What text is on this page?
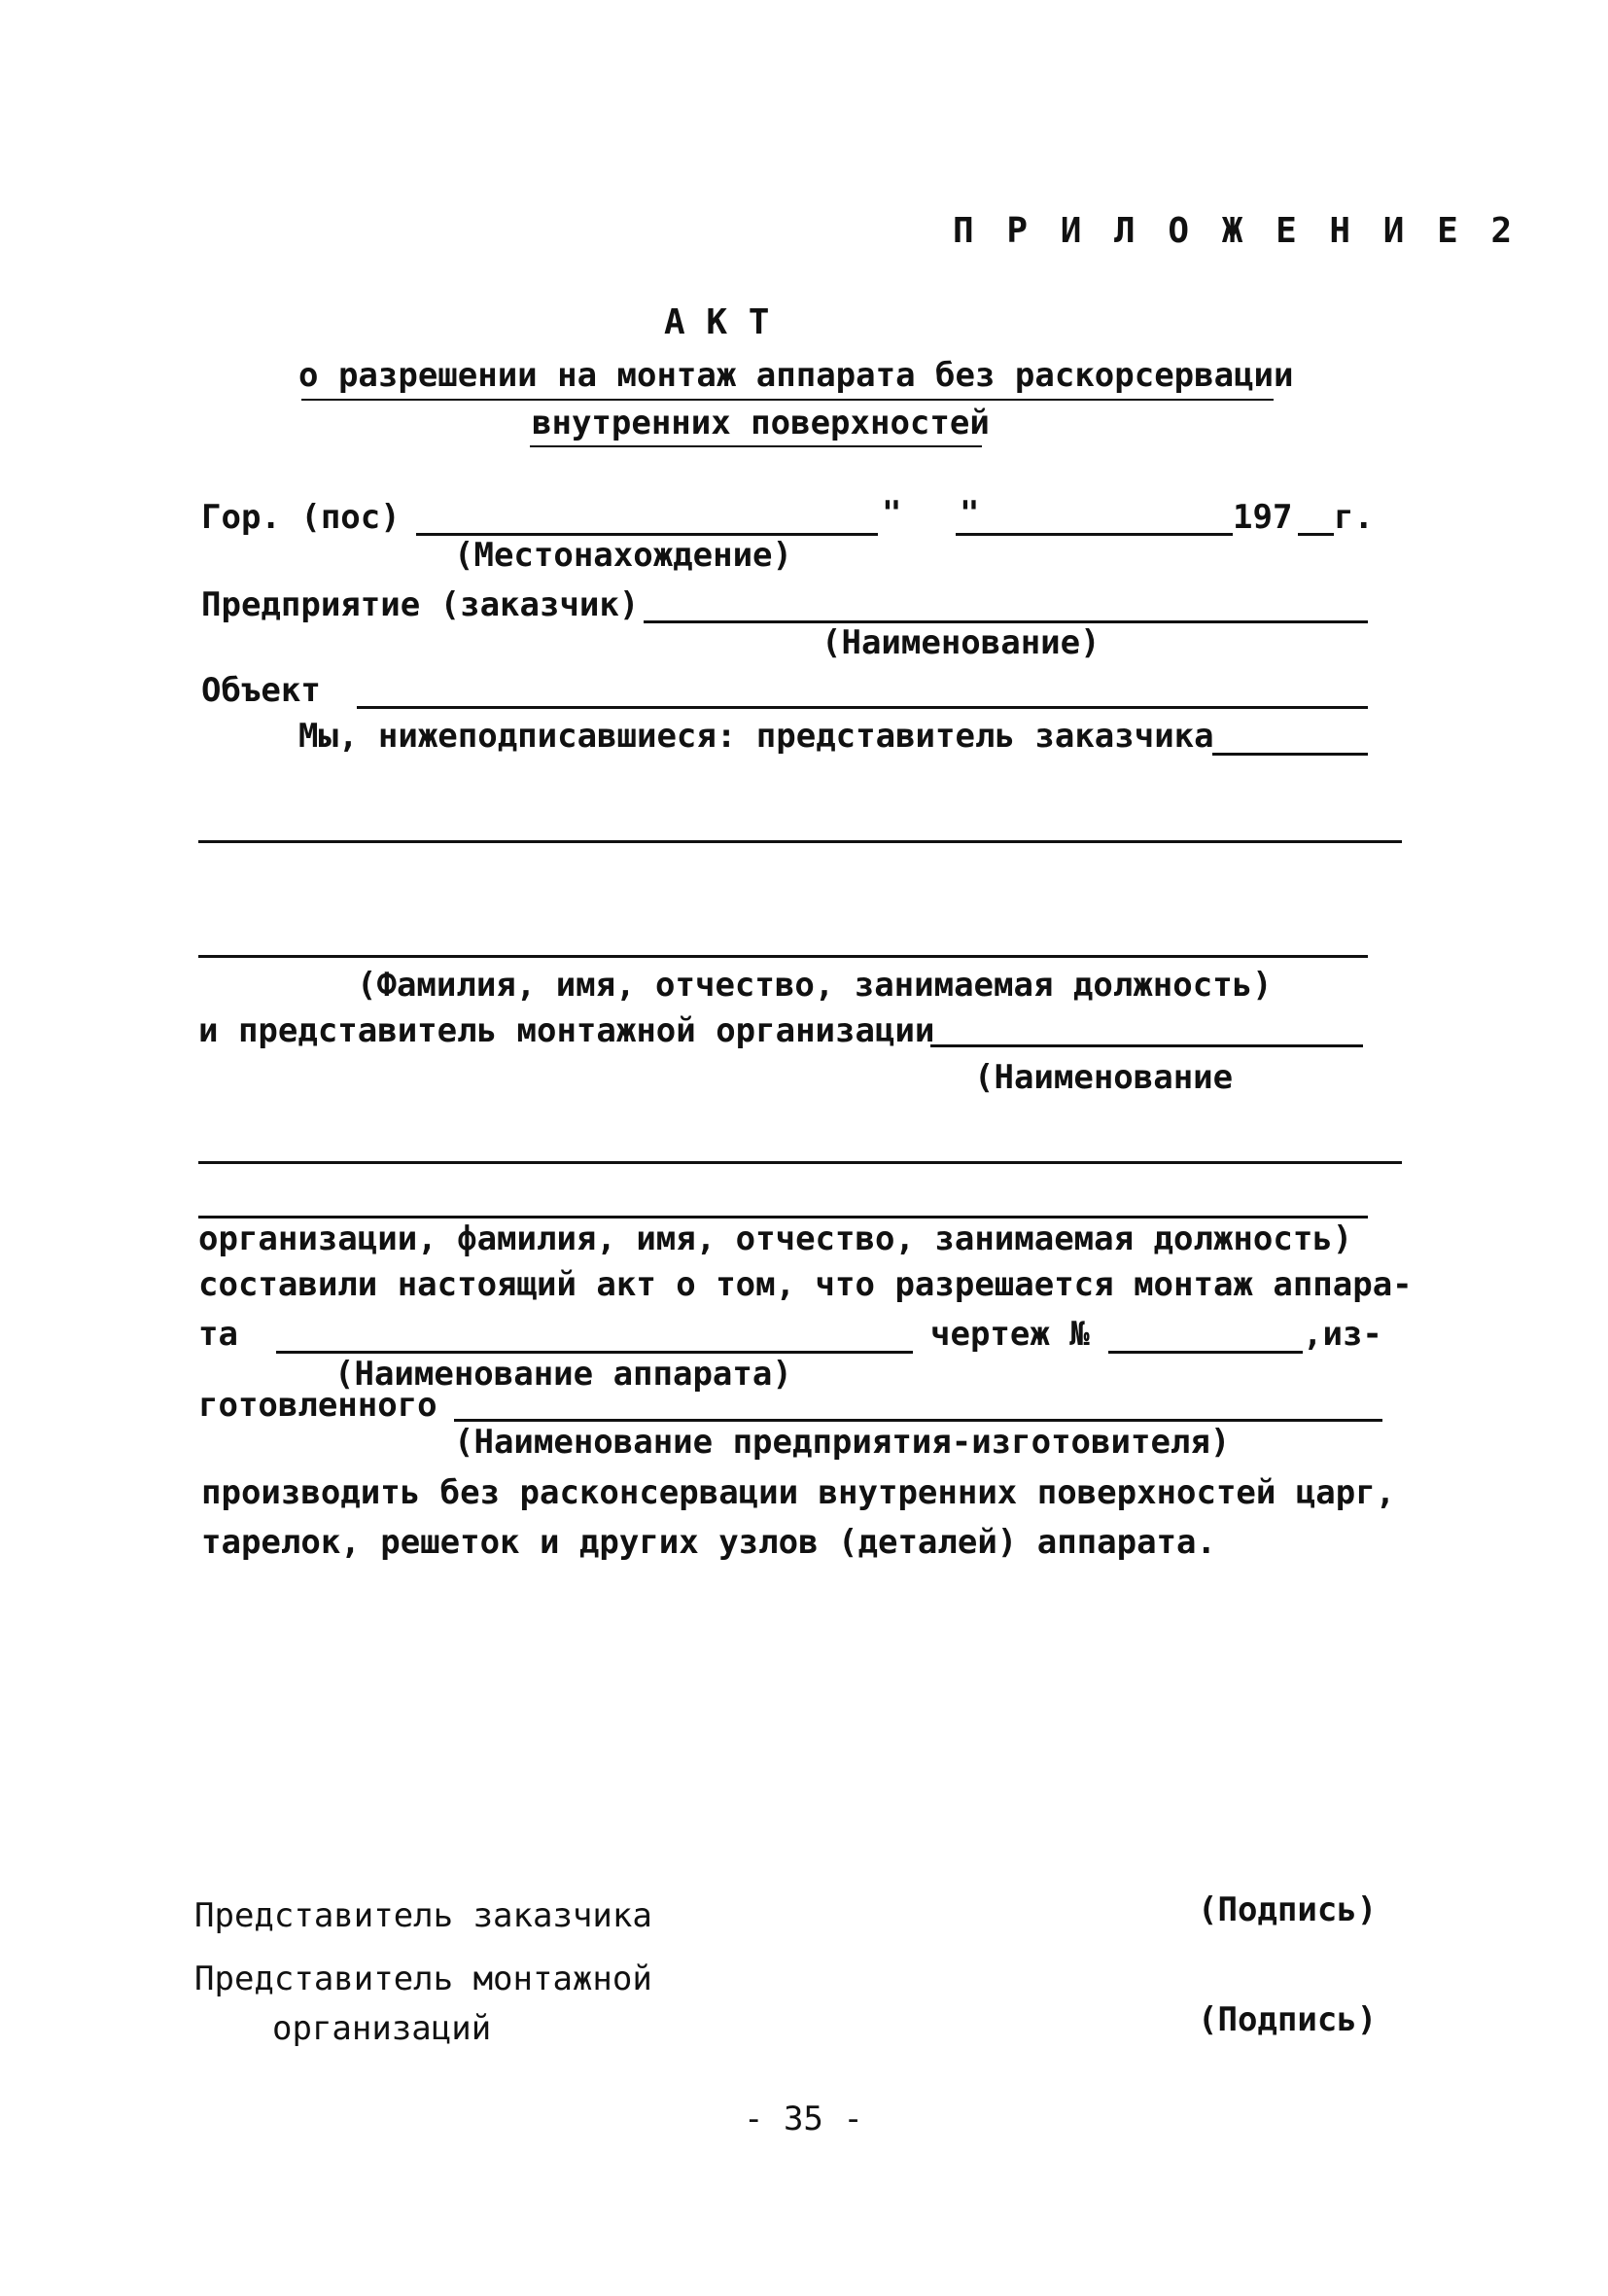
П Р И Л О Ж Е Н И Е 2
А К Т
о разрешении на монтаж аппарата без раскорсервации
внутренних поверхностей
Гор. (пос)	" "	197 г.
(Местонахождение)
Предприятие (заказчик)
(Наименование)
Объект
Мы, нижеподписавшиеся: представитель заказчика
(Фамилия, имя, отчество, занимаемая должность)
и представитель монтажной организации
(Наименование
организации, фамилия, имя, отчество, занимаемая должность)
составили настоящий акт о том, что разрешается монтаж аппара-
та	чертеж №	,из-
(Наименование аппарата)
готовленного
(Наименование предприятия-изготовителя)
производить без расконсервации внутренних поверхностей царг,
тарелок, решеток и других узлов (деталей) аппарата.
Представитель заказчика	(Подпись)
Представитель монтажной
организаций	(Подпись)
- 35 -
